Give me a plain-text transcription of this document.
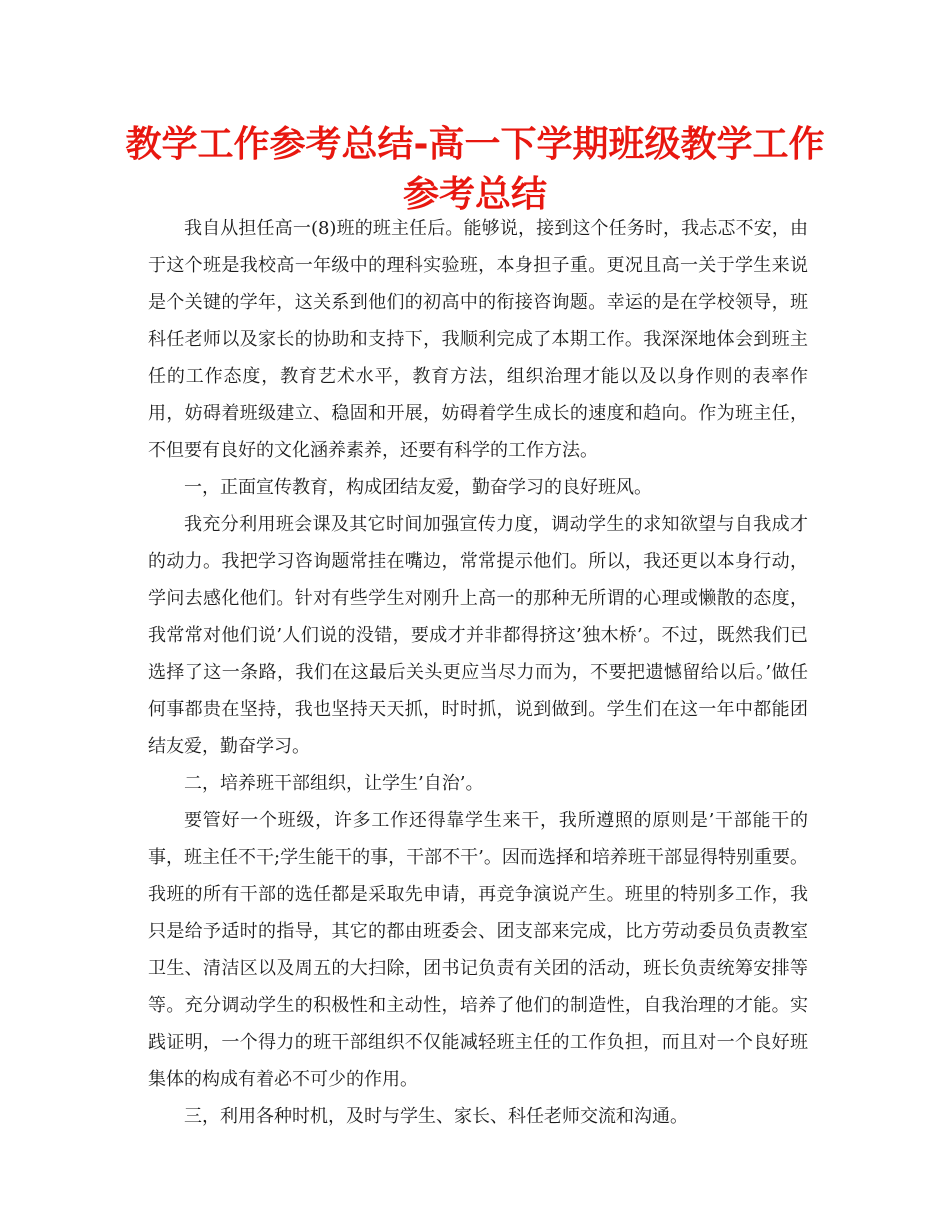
教学工作参考总结-高一下学期班级教学工作参考总结

我自从担任高一(8)班的班主任后。能够说，接到这个任务时，我忐忑不安，由于这个班是我校高一年级中的理科实验班，本身担子重。更况且高一关于学生来说是个关键的学年，这关系到他们的初高中的衔接咨询题。幸运的是在学校领导，班科任老师以及家长的协助和支持下，我顺利完成了本期工作。我深深地体会到班主任的工作态度，教育艺术水平，教育方法，组织治理才能以及以身作则的表率作用，妨碍着班级建立、稳固和开展，妨碍着学生成长的速度和趋向。作为班主任，不但要有良好的文化涵养素养，还要有科学的工作方法。

一，正面宣传教育，构成团结友爱，勤奋学习的良好班风。

我充分利用班会课及其它时间加强宣传力度，调动学生的求知欲望与自我成才的动力。我把学习咨询题常挂在嘴边，常常提示他们。所以，我还更以本身行动，学问去感化他们。针对有些学生对刚升上高一的那种无所谓的心理或懒散的态度，我常常对他们说’人们说的没错，要成才并非都得挤这’独木桥’。不过，既然我们已选择了这一条路，我们在这最后关头更应当尽力而为，不要把遗憾留给以后。’做任何事都贵在坚持，我也坚持天天抓，时时抓，说到做到。学生们在这一年中都能团结友爱，勤奋学习。

二，培养班干部组织，让学生’自治’。

要管好一个班级，许多工作还得靠学生来干，我所遵照的原则是’干部能干的事，班主任不干;学生能干的事，干部不干’。因而选择和培养班干部显得特别重要。我班的所有干部的选任都是采取先申请，再竞争演说产生。班里的特别多工作，我只是给予适时的指导，其它的都由班委会、团支部来完成，比方劳动委员负责教室卫生、清洁区以及周五的大扫除，团书记负责有关团的活动，班长负责统筹安排等等。充分调动学生的积极性和主动性，培养了他们的制造性，自我治理的才能。实践证明，一个得力的班干部组织不仅能减轻班主任的工作负担，而且对一个良好班集体的构成有着必不可少的作用。

三，利用各种时机，及时与学生、家长、科任老师交流和沟通。
